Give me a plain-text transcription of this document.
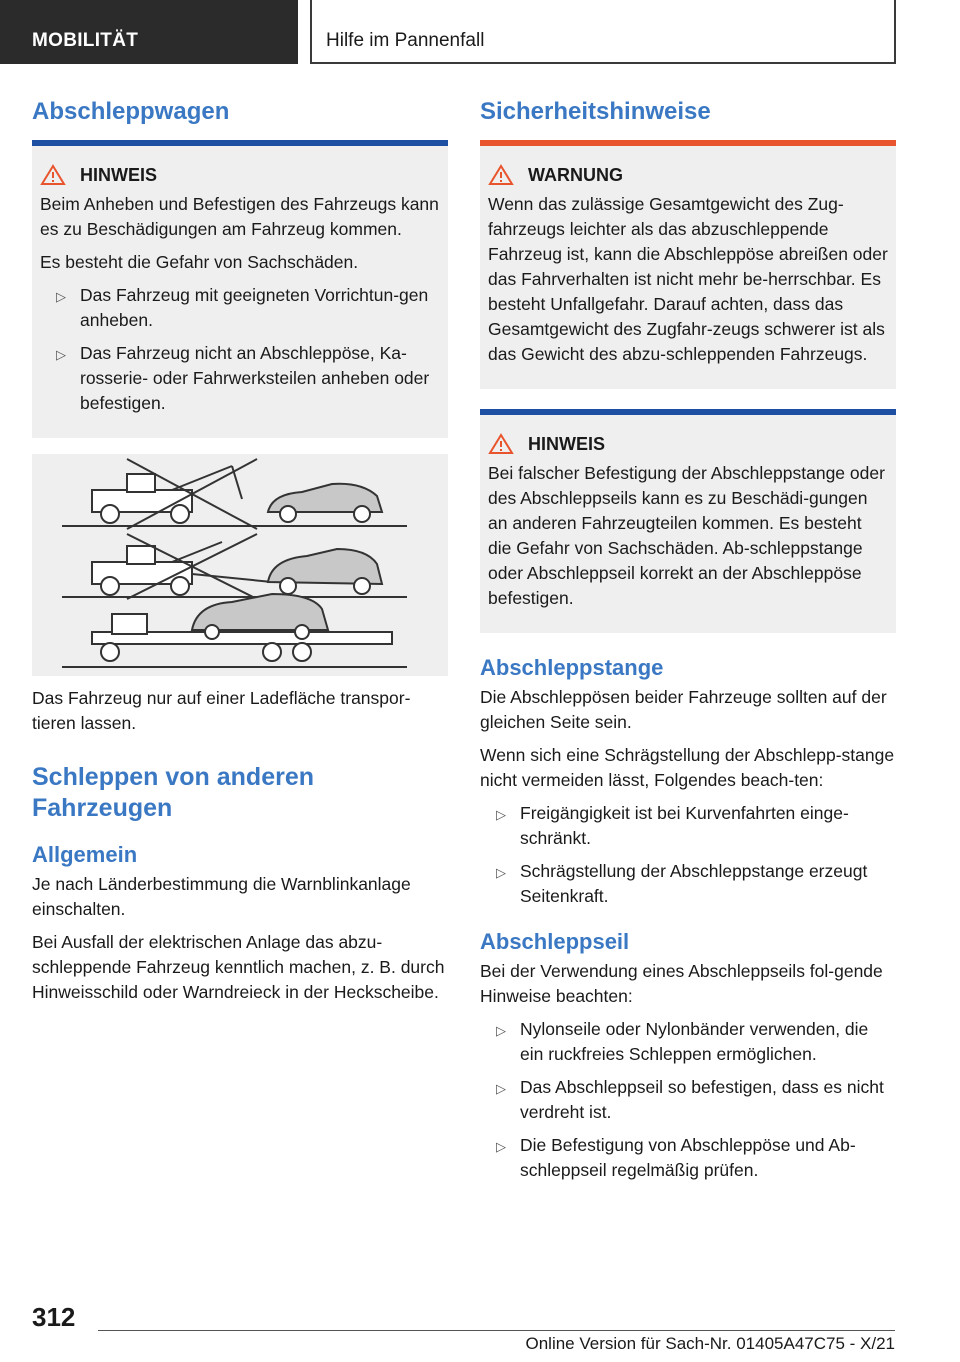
MOBILITÄT	Hilfe im Pannenfall
Abschleppwagen
HINWEIS

Beim Anheben und Befestigen des Fahrzeugs kann es zu Beschädigungen am Fahrzeug kommen.

Es besteht die Gefahr von Sachschäden.

▷ Das Fahrzeug mit geeigneten Vorrichtun-gen anheben.
▷ Das Fahrzeug nicht an Abschleppöse, Ka-rosserie- oder Fahrwerksteilen anheben oder befestigen.

Das Fahrzeug nur auf einer Ladefläche transpor-tieren lassen.

Schleppen von anderen Fahrzeugen
Allgemein

Je nach Länderbestimmung die Warnblinkanlage einschalten.

Bei Ausfall der elektrischen Anlage das abzu-schleppende Fahrzeug kenntlich machen, z. B. durch Hinweisschild oder Warndreieck in der Heckscheibe.

Sicherheitshinweise
WARNUNG

Wenn das zulässige Gesamtgewicht des Zug-fahrzeugs leichter als das abzuschleppende Fahrzeug ist, kann die Abschleppöse abreißen oder das Fahrverhalten ist nicht mehr be-herrschbar. Es besteht Unfallgefahr. Darauf achten, dass das Gesamtgewicht des Zugfahr-zeugs schwerer ist als das Gewicht des abzu-schleppenden Fahrzeugs.

HINWEIS

Bei falscher Befestigung der Abschleppstange oder des Abschleppseils kann es zu Beschädi-gungen an anderen Fahrzeugteilen kommen. Es besteht die Gefahr von Sachschäden. Ab-schleppstange oder Abschleppseil korrekt an der Abschleppöse befestigen.

Abschleppstange

Die Abschleppösen beider Fahrzeuge sollten auf der gleichen Seite sein.

Wenn sich eine Schrägstellung der Abschlepp-stange nicht vermeiden lässt, Folgendes beach-ten:

▷ Freigängigkeit ist bei Kurvenfahrten einge-schränkt.
▷ Schrägstellung der Abschleppstange erzeugt Seitenkraft.
Abschleppseil

Bei der Verwendung eines Abschleppseils fol-gende Hinweise beachten:

▷ Nylonseile oder Nylonbänder verwenden, die ein ruckfreies Schleppen ermöglichen.
▷ Das Abschleppseil so befestigen, dass es nicht verdreht ist.
▷ Die Befestigung von Abschleppöse und Ab-schleppseil regelmäßig prüfen.
312
Online Version für Sach-Nr. 01405A47C75 - X/21
